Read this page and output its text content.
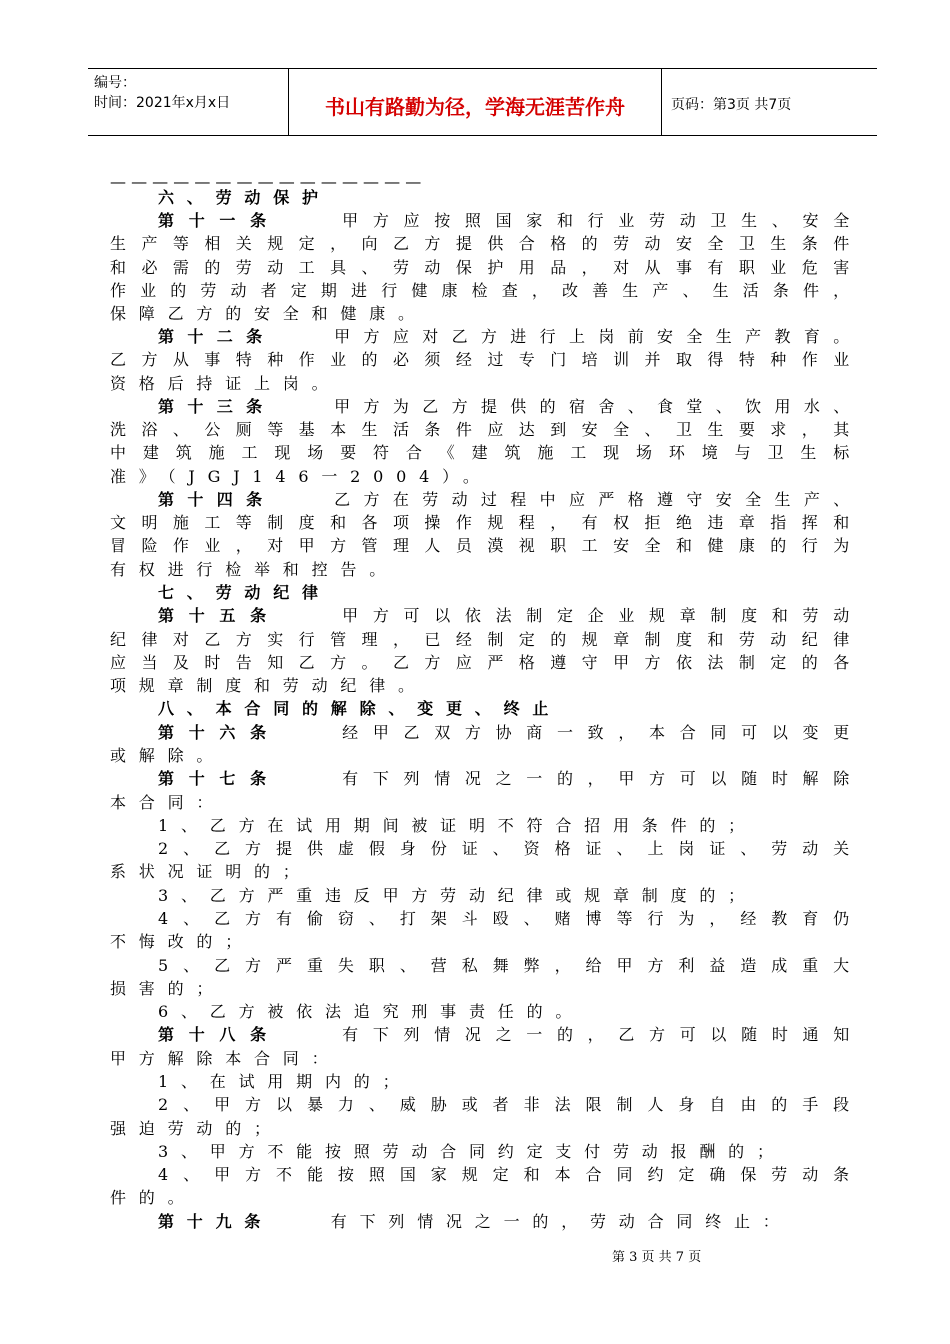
编号：
时间：2021年x月x日	书山有路勤为径，学海无涯苦作舟	页码：第3页 共7页
— — — — — — — — — — — — — — —
六、劳动保护
第十一条　　甲方应按照国家和行业劳动卫生、安全
生产等相关规定，向乙方提供合格的劳动安全卫生条件
和必需的劳动工具、劳动保护用品，对从事有职业危害
作业的劳动者定期进行健康检查，改善生产、生活条件，
保障乙方的安全和健康。
第十二条　　甲方应对乙方进行上岗前安全生产教育。
乙方从事特种作业的必须经过专门培训并取得特种作业
资格后持证上岗。
第十三条　　甲方为乙方提供的宿舍、食堂、饮用水、
洗浴、公厕等基本生活条件应达到安全、卫生要求，其
中建筑施工现场要符合《建筑施工现场环境与卫生标
准》（JGJ146一2004）。
第十四条　　乙方在劳动过程中应严格遵守安全生产、
文明施工等制度和各项操作规程，有权拒绝违章指挥和
冒险作业，对甲方管理人员漠视职工安全和健康的行为
有权进行检举和控告。
七、劳动纪律
第十五条　　甲方可以依法制定企业规章制度和劳动
纪律对乙方实行管理，已经制定的规章制度和劳动纪律
应当及时告知乙方。乙方应严格遵守甲方依法制定的各
项规章制度和劳动纪律。
八、本合同的解除、变更、终止
第十六条　　经甲乙双方协商一致，本合同可以变更
或解除。
第十七条　　有下列情况之一的，甲方可以随时解除
本合同：
1、乙方在试用期间被证明不符合招用条件的；
2、乙方提供虚假身份证、资格证、上岗证、劳动关
系状况证明的；
3、乙方严重违反甲方劳动纪律或规章制度的；
4、乙方有偷窃、打架斗殴、赌博等行为，经教育仍
不悔改的；
5、乙方严重失职、营私舞弊，给甲方利益造成重大
损害的；
6、乙方被依法追究刑事责任的。
第十八条　　有下列情况之一的，乙方可以随时通知
甲方解除本合同：
1、在试用期内的；
2、甲方以暴力、威胁或者非法限制人身自由的手段
强迫劳动的；
3、甲方不能按照劳动合同约定支付劳动报酬的；
4、甲方不能按照国家规定和本合同约定确保劳动条
件的。
第十九条　　有下列情况之一的，劳动合同终止：
第 3 页 共 7 页
